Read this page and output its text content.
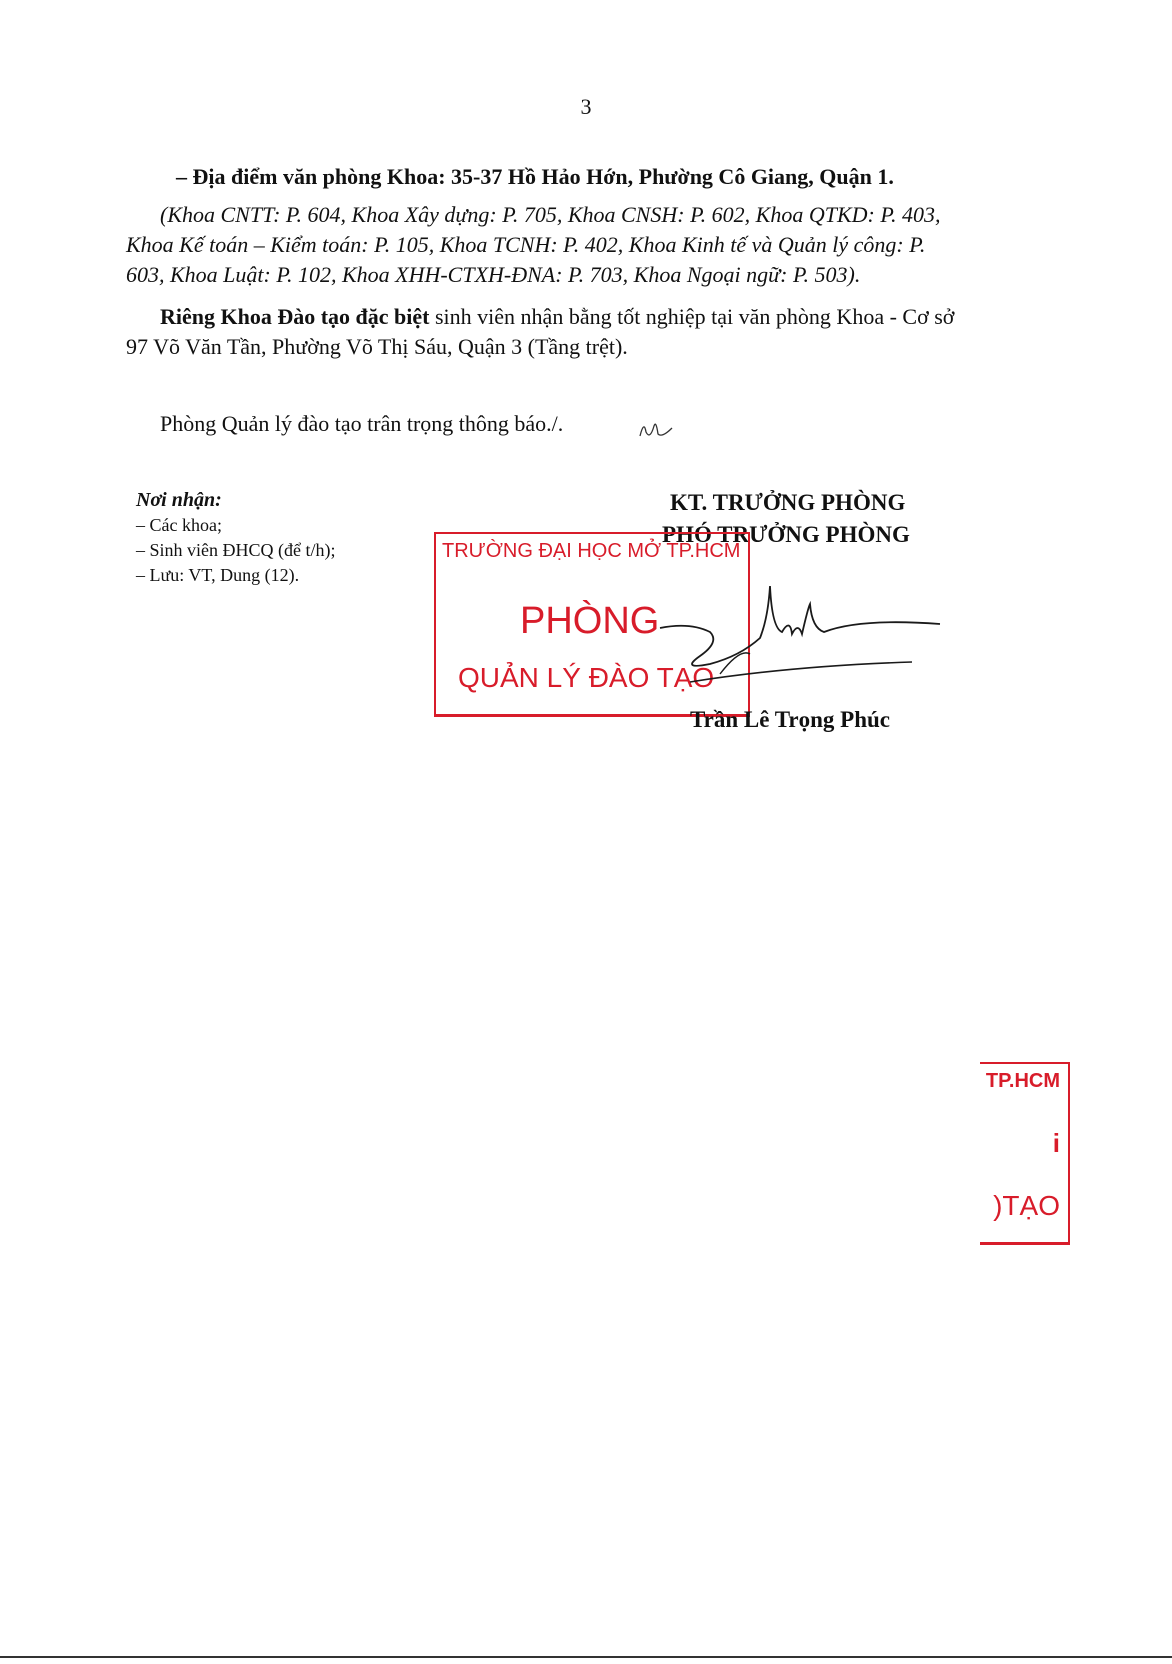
3
– Địa điểm văn phòng Khoa: 35-37 Hồ Hảo Hớn, Phường Cô Giang, Quận 1.
(Khoa CNTT: P. 604, Khoa Xây dựng: P. 705, Khoa CNSH: P. 602, Khoa QTKD: P. 403,
Khoa Kế toán – Kiểm toán: P. 105, Khoa TCNH: P. 402, Khoa Kinh tế và Quản lý công: P.
603, Khoa Luật: P. 102, Khoa XHH-CTXH-ĐNA: P. 703, Khoa Ngoại ngữ: P. 503).
Riêng Khoa Đào tạo đặc biệt sinh viên nhận bằng tốt nghiệp tại văn phòng Khoa - Cơ sở
97 Võ Văn Tần, Phường Võ Thị Sáu, Quận 3 (Tầng trệt).
Phòng Quản lý đào tạo trân trọng thông báo./.
Nơi nhận:
– Các khoa;
– Sinh viên ĐHCQ (để t/h);
– Lưu: VT, Dung (12).
KT. TRƯỞNG PHÒNG
PHÓ TRƯỞNG PHÒNG
TRƯỜNG ĐẠI HỌC MỞ TP.HCM
PHÒNG
QUẢN LÝ ĐÀO TẠO
Trần Lê Trọng Phúc
TP.HCM
i
)TẠO
